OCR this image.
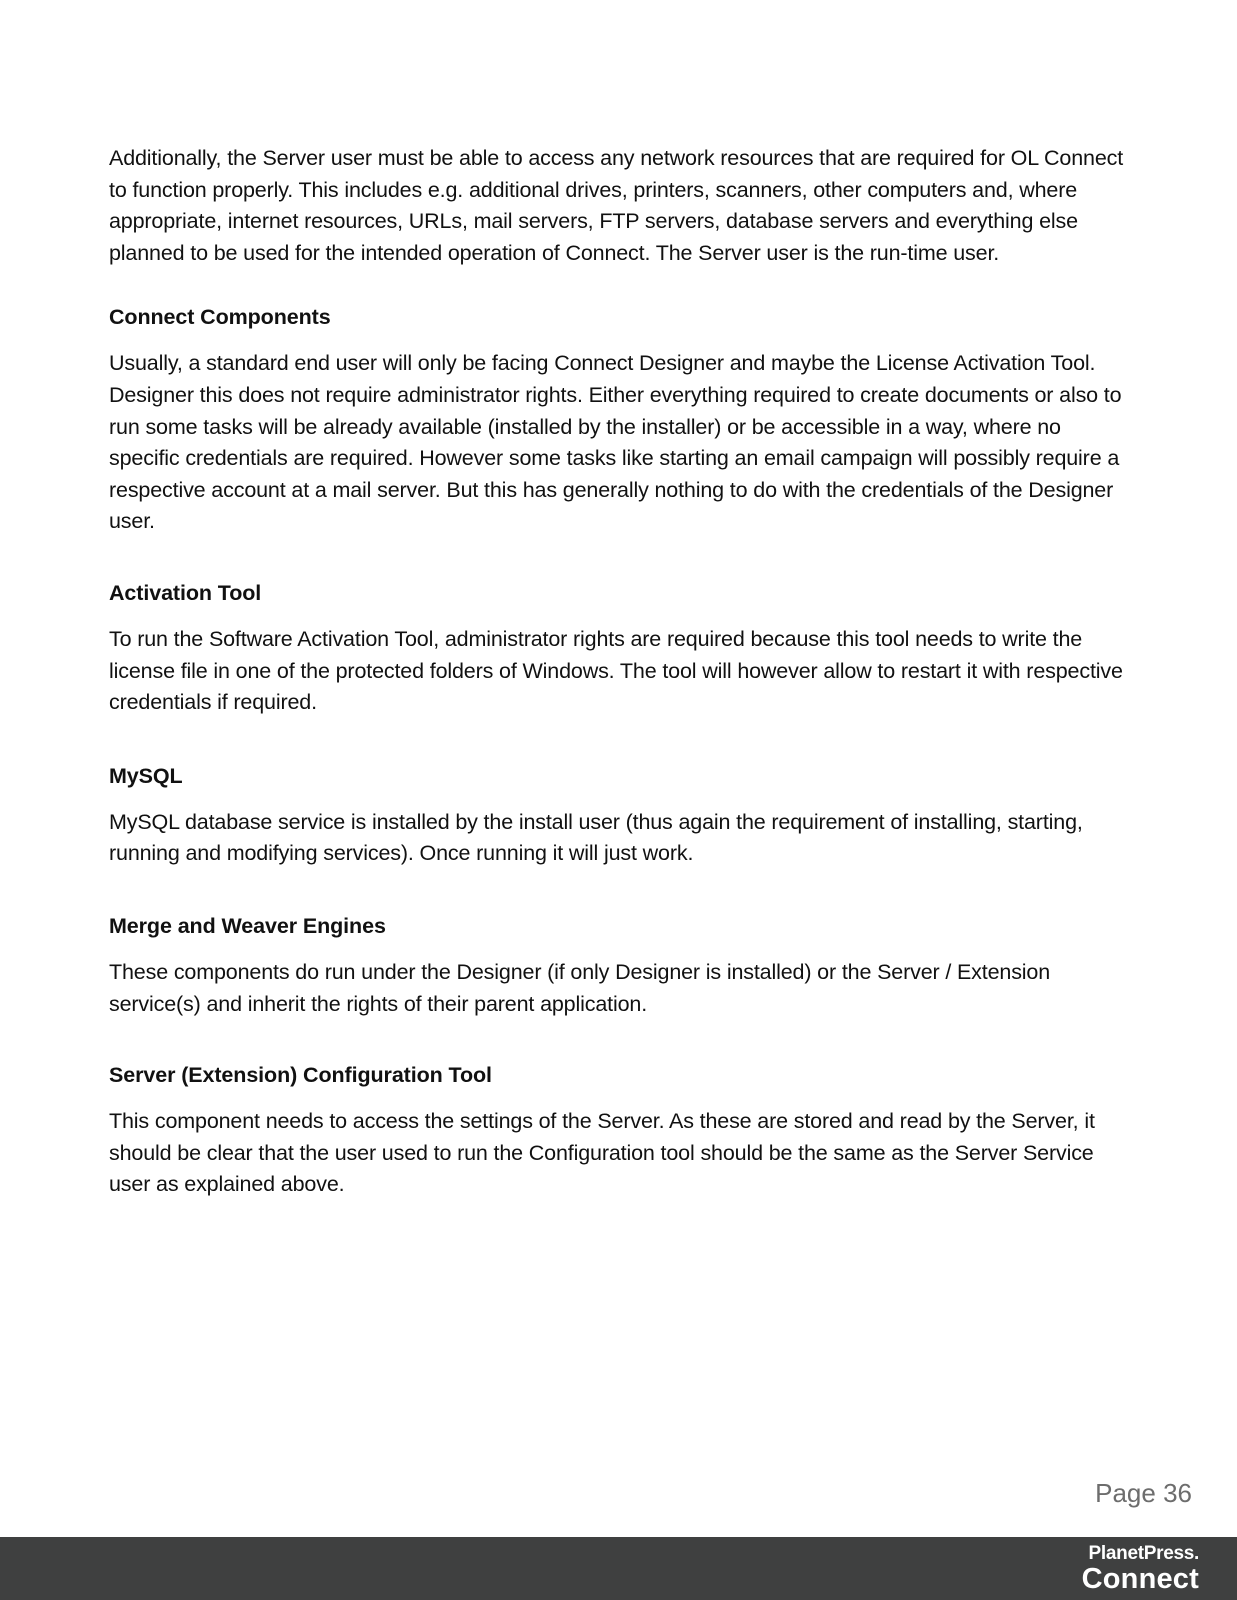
Additionally, the Server user must be able to access any network resources that are required for OL Connect to function properly. This includes e.g. additional drives, printers, scanners, other computers and, where appropriate, internet resources, URLs, mail servers, FTP servers, database servers and everything else planned to be used for the intended operation of Connect. The Server user is the run-time user.

Connect Components

Usually, a standard end user will only be facing Connect Designer and maybe the License Activation Tool. Designer this does not require administrator rights. Either everything required to create documents or also to run some tasks will be already available (installed by the installer) or be accessible in a way, where no specific credentials are required. However some tasks like starting an email campaign will possibly require a respective account at a mail server. But this has generally nothing to do with the credentials of the Designer user.

Activation Tool

To run the Software Activation Tool, administrator rights are required because this tool needs to write the license file in one of the protected folders of Windows. The tool will however allow to restart it with respective credentials if required.

MySQL

MySQL database service is installed by the install user (thus again the requirement of installing, starting, running and modifying services). Once running it will just work.

Merge and Weaver Engines

These components do run under the Designer (if only Designer is installed) or the Server / Extension service(s) and inherit the rights of their parent application.

Server (Extension) Configuration Tool

This component needs to access the settings of the Server. As these are stored and read by the Server, it should be clear that the user used to run the Configuration tool should be the same as the Server Service user as explained above.

Page 36
PlanetPress.
Connect
